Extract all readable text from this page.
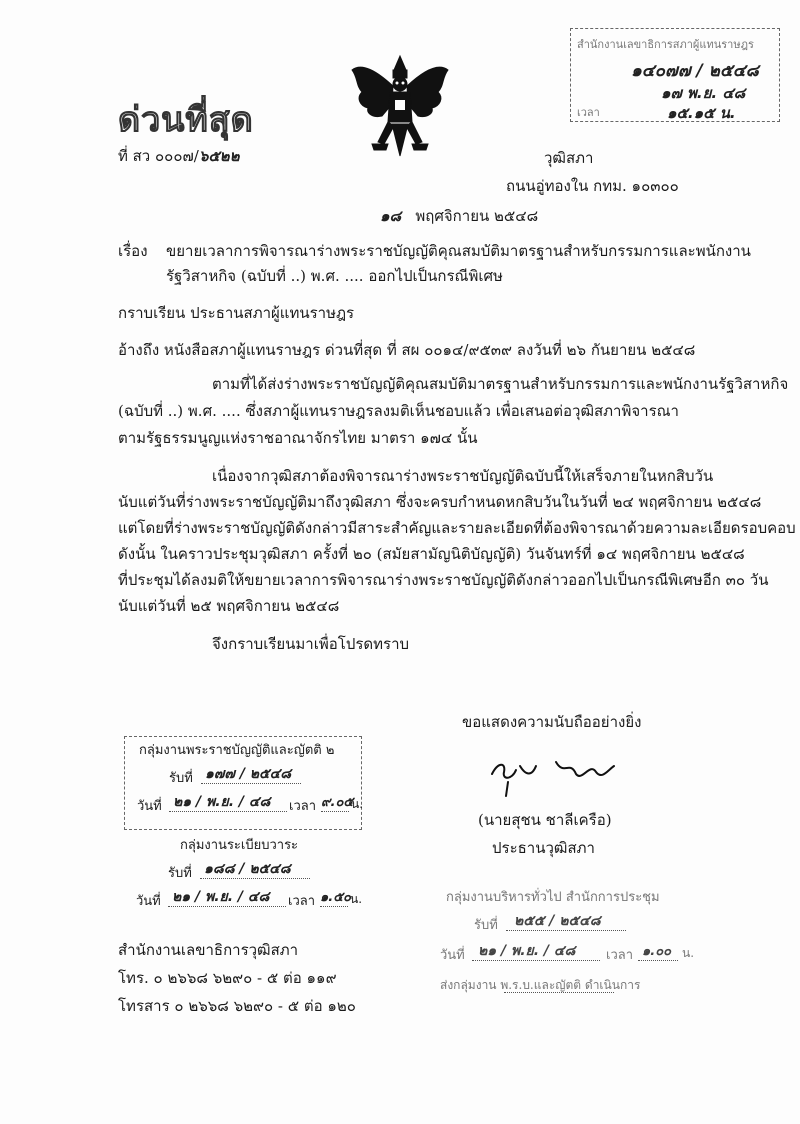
ด่วนที่สุด
ที่ สว ๐๐๐๗/๖๕๒๒
สำนักงานเลขาธิการสภาผู้แทนราษฎร
๑๔๐๗๗ / ๒๕๔๘
๑๗ พ.ย. ๔๘
เวลา	๑๕.๑๕ น.
วุฒิสภา
ถนนอู่ทองใน กทม. ๑๐๓๐๐
๑๘ พฤศจิกายน ๒๕๔๘
เรื่อง ขยายเวลาการพิจารณาร่างพระราชบัญญัติคุณสมบัติมาตรฐานสำหรับกรรมการและพนักงาน
รัฐวิสาหกิจ (ฉบับที่ ..) พ.ศ. .... ออกไปเป็นกรณีพิเศษ
กราบเรียน ประธานสภาผู้แทนราษฎร
อ้างถึง หนังสือสภาผู้แทนราษฎร ด่วนที่สุด ที่ สผ ๐๐๑๔/๙๕๓๙ ลงวันที่ ๒๖ กันยายน ๒๕๔๘
ตามที่ได้ส่งร่างพระราชบัญญัติคุณสมบัติมาตรฐานสำหรับกรรมการและพนักงานรัฐวิสาหกิจ
(ฉบับที่ ..) พ.ศ. .... ซึ่งสภาผู้แทนราษฎรลงมติเห็นชอบแล้ว เพื่อเสนอต่อวุฒิสภาพิจารณา
ตามรัฐธรรมนูญแห่งราชอาณาจักรไทย มาตรา ๑๗๔ นั้น
เนื่องจากวุฒิสภาต้องพิจารณาร่างพระราชบัญญัติฉบับนี้ให้เสร็จภายในหกสิบวัน
นับแต่วันที่ร่างพระราชบัญญัติมาถึงวุฒิสภา ซึ่งจะครบกำหนดหกสิบวันในวันที่ ๒๔ พฤศจิกายน ๒๕๔๘
แต่โดยที่ร่างพระราชบัญญัติดังกล่าวมีสาระสำคัญและรายละเอียดที่ต้องพิจารณาด้วยความละเอียดรอบคอบ
ดังนั้น ในคราวประชุมวุฒิสภา ครั้งที่ ๒๐ (สมัยสามัญนิติบัญญัติ) วันจันทร์ที่ ๑๔ พฤศจิกายน ๒๕๔๘
ที่ประชุมได้ลงมติให้ขยายเวลาการพิจารณาร่างพระราชบัญญัติดังกล่าวออกไปเป็นกรณีพิเศษอีก ๓๐ วัน
นับแต่วันที่ ๒๕ พฤศจิกายน ๒๕๔๘
จึงกราบเรียนมาเพื่อโปรดทราบ
ขอแสดงความนับถืออย่างยิ่ง
(นายสุชน ชาลีเครือ)
ประธานวุฒิสภา
กลุ่มงานพระราชบัญญัติและญัตติ ๒
รับที่ ๑๗๗ / ๒๕๔๘
วันที่ ๒๑ / พ.ย. / ๔๘ เวลา ๙.๐๕
น.
กลุ่มงานระเบียบวาระ
รับที่ ๑๘๘ / ๒๕๔๘
วันที่ ๒๑ / พ.ย. / ๔๘ เวลา ๑.๕๐ น.	กลุ่มงานบริหารทั่วไป สำนักการประชุม
รับที่ ๒๕๕ / ๒๕๔๘
วันที่ ๒๑ / พ.ย. / ๔๘ เวลา ๑.๐๐ น.
ส่งกลุ่มงาน พ.ร.บ.และญัตติ ดำเนินการ
สำนักงานเลขาธิการวุฒิสภา
โทร. ๐ ๒๖๖๘ ๖๒๙๐ - ๕ ต่อ ๑๑๙
โทรสาร ๐ ๒๖๖๘ ๖๒๙๐ - ๕ ต่อ ๑๒๐
